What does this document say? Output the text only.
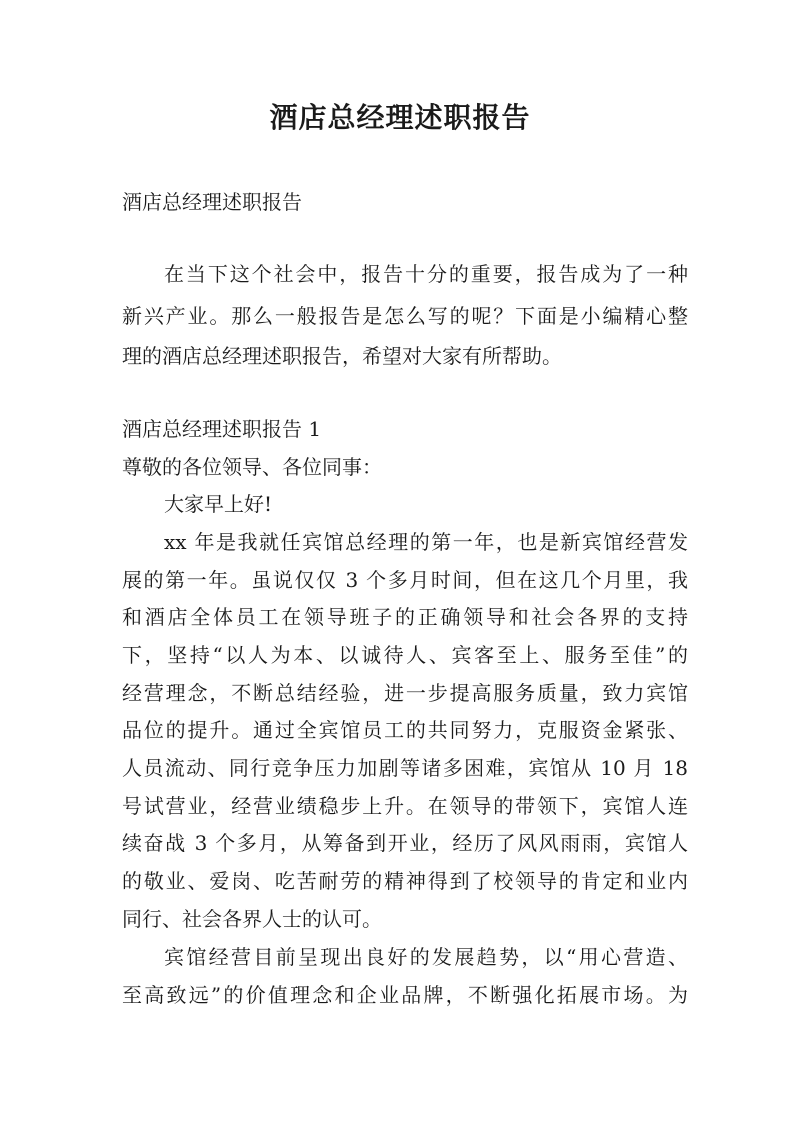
酒店总经理述职报告

酒店总经理述职报告

在当下这个社会中，报告十分的重要，报告成为了一种

新兴产业。那么一般报告是怎么写的呢？下面是小编精心整

理的酒店总经理述职报告，希望对大家有所帮助。

酒店总经理述职报告 1

尊敬的各位领导、各位同事：

大家早上好!

xx 年是我就任宾馆总经理的第一年，也是新宾馆经营发

展的第一年。虽说仅仅 3 个多月时间，但在这几个月里，我

和酒店全体员工在领导班子的正确领导和社会各界的支持

下，坚持“以人为本、以诚待人、宾客至上、服务至佳”的

经营理念，不断总结经验，进一步提高服务质量，致力宾馆

品位的提升。通过全宾馆员工的共同努力，克服资金紧张、

人员流动、同行竞争压力加剧等诸多困难，宾馆从 10 月 18

号试营业，经营业绩稳步上升。在领导的带领下，宾馆人连

续奋战 3 个多月，从筹备到开业，经历了风风雨雨，宾馆人

的敬业、爱岗、吃苦耐劳的精神得到了校领导的肯定和业内

同行、社会各界人士的认可。

宾馆经营目前呈现出良好的发展趋势，以“用心营造、

至高致远”的价值理念和企业品牌，不断强化拓展市场。为
